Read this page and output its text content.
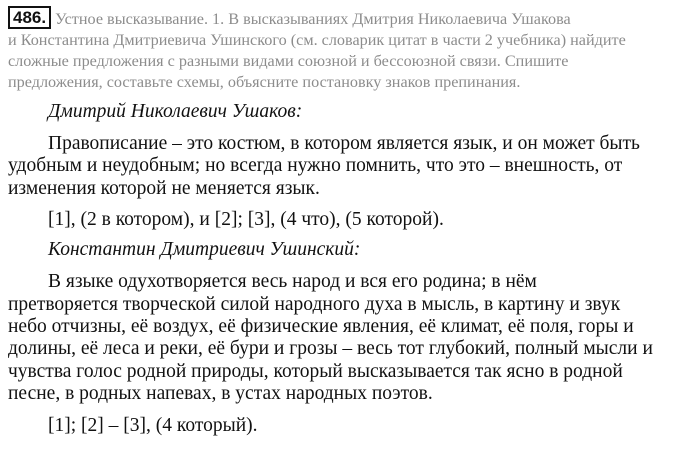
486. Устное высказывание. 1. В высказываниях Дмитрия Николаевича Ушакова
и Константина Дмитриевича Ушинского (см. словарик цитат в части 2 учебника) найдите
сложные предложения с разными видами союзной и бессоюзной связи. Спишите
предложения, составьте схемы, объясните постановку знаков препинания.

Дмитрий Николаевич Ушаков:

Правописание – это костюм, в котором является язык, и он может быть
удобным и неудобным; но всегда нужно помнить, что это – внешность, от
изменения которой не меняется язык.

[1], (2 в котором), и [2]; [3], (4 что), (5 которой).

Константин Дмитриевич Ушинский:

В языке одухотворяется весь народ и вся его родина; в нём
претворяется творческой силой народного духа в мысль, в картину и звук
небо отчизны, её воздух, её физические явления, её климат, её поля, горы и
долины, её леса и реки, её бури и грозы – весь тот глубокий, полный мысли и
чувства голос родной природы, который высказывается так ясно в родной
песне, в родных напевах, в устах народных поэтов.

[1]; [2] – [3], (4 который).
